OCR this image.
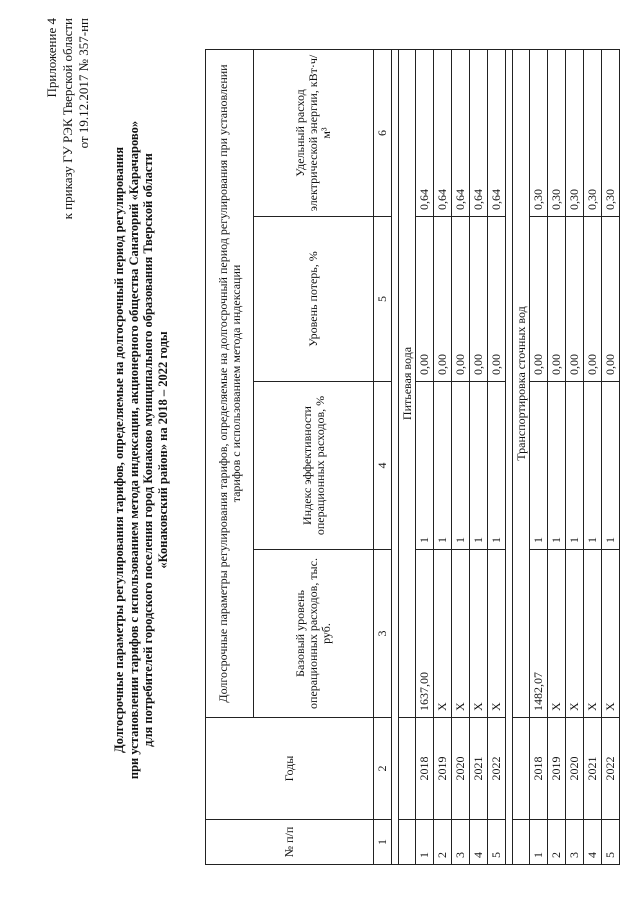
Приложение 4 к приказу ГУ РЭК Тверской области от 19.12.2017 № 357-нп
Долгосрочные параметры регулирования тарифов, определяемые на долгосрочный период регулирования при установлении тарифов с использованием метода индексации, акционерного общества Санаторий «Карачарово» для потребителей городского поселения город Конаково муниципального образования Тверской области «Конаковский район» на 2018 – 2022 годы
№ п/п	Годы	Долгосрочные параметры регулирования тарифов, определяемые на долгосрочный период регулирования при установлении тарифов с использованием метода индексации			
		Базовый уровень операционных расходов, тыс. руб.	Индекс эффективности операционных расходов, %	Уровень потерь, %	Удельный расход электрической энергии, кВт·ч/м³
1	2	3	4	5	6

		Питьевая вода			
1	2018	1637,00	1	0,00	0,64
2	2019	X	1	0,00	0,64
3	2020	X	1	0,00	0,64
4	2021	X	1	0,00	0,64
5	2022	X	1	0,00	0,64

		Транспортировка сточных вод			
1	2018	1482,07	1	0,00	0,30
2	2019	X	1	0,00	0,30
3	2020	X	1	0,00	0,30
4	2021	X	1	0,00	0,30
5	2022	X	1	0,00	0,30
